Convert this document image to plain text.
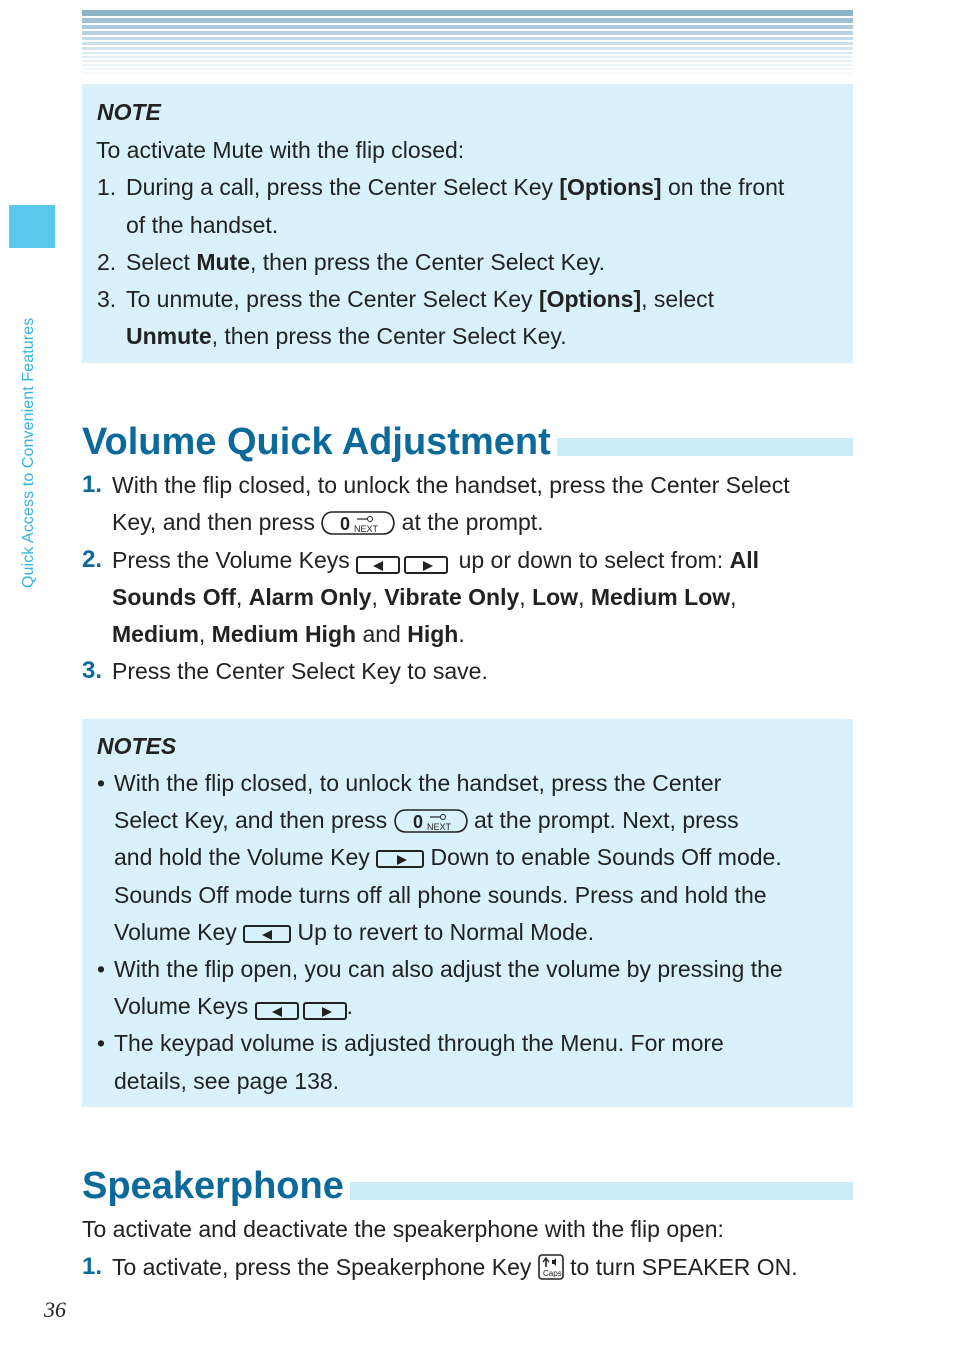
Quick Access to Convenient Features
NOTE
To activate Mute with the flip closed:
1. During a call, press the Center Select Key [Options] on the front
of the handset.
2. Select Mute, then press the Center Select Key.
3. To unmute, press the Center Select Key [Options], select
Unmute, then press the Center Select Key.
Volume Quick Adjustment
1. With the flip closed, to unlock the handset, press the Center Select
Key, and then press 0 NEXT at the prompt.
2. Press the Volume Keys	up or down to select from: All
Sounds Off, Alarm Only, Vibrate Only, Low, Medium Low,
Medium, Medium High and High.
3. Press the Center Select Key to save.
NOTES
• With the flip closed, to unlock the handset, press the Center
Select Key, and then press 0 NEXT at the prompt. Next, press
and hold the Volume Key	Down to enable Sounds Off mode.
Sounds Off mode turns off all phone sounds. Press and hold the
Volume Key	Up to revert to Normal Mode.
• With the flip open, you can also adjust the volume by pressing the
Volume Keys	.
• The keypad volume is adjusted through the Menu. For more
details, see page 138.
Speakerphone
To activate and deactivate the speakerphone with the flip open:
1. To activate, press the Speakerphone Key Caps to turn SPEAKER ON.
36
